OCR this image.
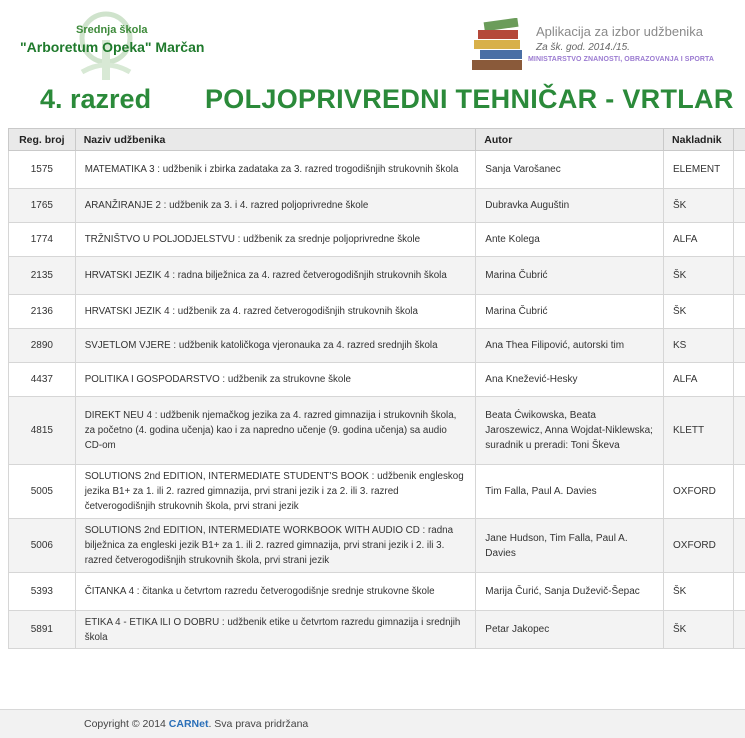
Srednja škola
"Arboretum Opeka" Marčan
Aplikacija za izbor udžbenika
Za šk. god. 2014./15.
MINISTARSTVO ZNANOSTI, OBRAZOVANJA I SPORTA
4. razred POLJOPRIVREDNI TEHNIČAR - VRTLAR
Reg. broj	Naziv udžbenika	Autor	Nakladnik	
1575	MATEMATIKA 3 : udžbenik i zbirka zadataka za 3. razred trogodišnjih strukovnih škola	Sanja Varošanec	ELEMENT	
1765	ARANŽIRANJE 2 : udžbenik za 3. i 4. razred poljoprivredne škole	Dubravka Auguštin	ŠK	
1774	TRŽNIŠTVO U POLJODJELSTVU : udžbenik za srednje poljoprivredne škole	Ante Kolega	ALFA	
2135	HRVATSKI JEZIK 4 : radna bilježnica za 4. razred četverogodišnjih strukovnih škola	Marina Čubrić	ŠK	
2136	HRVATSKI JEZIK 4 : udžbenik za 4. razred četverogodišnjih strukovnih škola	Marina Čubrić	ŠK	
2890	SVJETLOM VJERE : udžbenik katoličkoga vjeronauka za 4. razred srednjih škola	Ana Thea Filipović, autorski tim	KS	
4437	POLITIKA I GOSPODARSTVO : udžbenik za strukovne škole	Ana Knežević-Hesky	ALFA	
4815	DIREKT NEU 4 : udžbenik njemačkog jezika za 4. razred gimnazija i strukovnih škola, za početno (4. godina učenja) kao i za napredno učenje (9. godina učenja) sa audio CD-om	Beata Ćwikowska, Beata Jaroszewicz, Anna Wojdat-Niklewska; suradnik u preradi: Toni Škeva	KLETT	
5005	SOLUTIONS 2nd EDITION, INTERMEDIATE STUDENT'S BOOK : udžbenik engleskog jezika B1+ za 1. ili 2. razred gimnazija, prvi strani jezik i za 2. ili 3. razred četverogodišnjih strukovnih škola, prvi strani jezik	Tim Falla, Paul A. Davies	OXFORD	
5006	SOLUTIONS 2nd EDITION, INTERMEDIATE WORKBOOK WITH AUDIO CD : radna bilježnica za engleski jezik B1+ za 1. ili 2. razred gimnazija, prvi strani jezik i 2. ili 3. razred četverogodišnjih strukovnih škola, prvi strani jezik	Jane Hudson, Tim Falla, Paul A. Davies	OXFORD	
5393	ČITANKA 4 : čitanka u četvrtom razredu četverogodišnje srednje strukovne škole	Marija Čurić, Sanja Duževič-Šepac	ŠK	
5891	ETIKA 4 - ETIKA ILI O DOBRU : udžbenik etike u četvrtom razredu gimnazija i srednjih škola	Petar Jakopec	ŠK	
Copyright © 2014 CARNet. Sva prava pridržana
